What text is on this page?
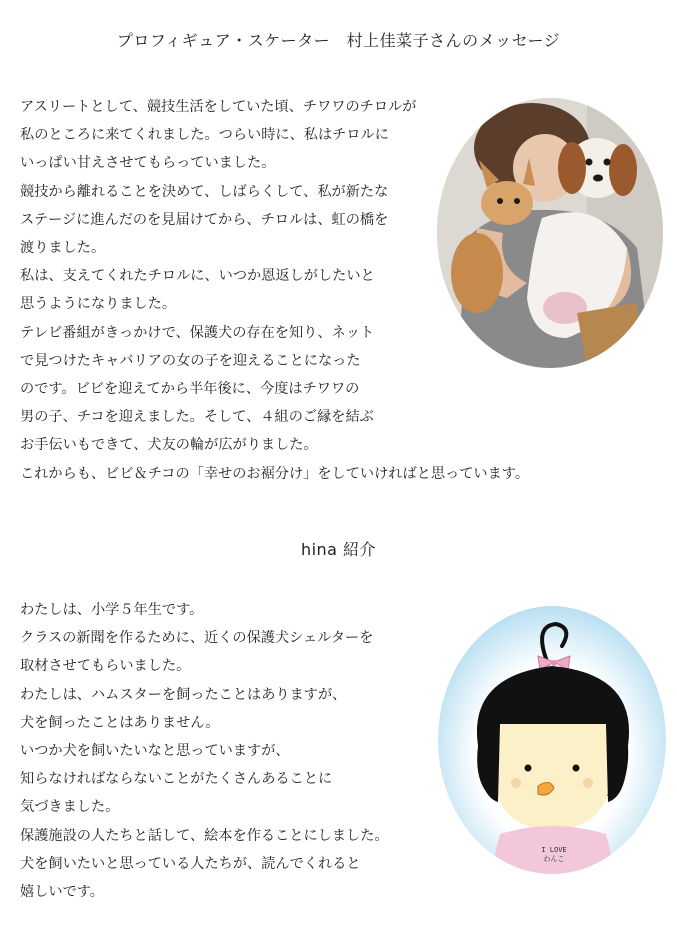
プロフィギュア・スケーター　村上佳菜子さんのメッセージ
アスリートとして、競技生活をしていた頃、チワワのチロルが
私のところに来てくれました。つらい時に、私はチロルに
いっぱい甘えさせてもらっていました。
競技から離れることを決めて、しばらくして、私が新たな
ステージに進んだのを見届けてから、チロルは、虹の橋を
渡りました。
私は、支えてくれたチロルに、いつか恩返しがしたいと
思うようになりました。
テレビ番組がきっかけで、保護犬の存在を知り、ネット
で見つけたキャバリアの女の子を迎えることになった
のです。ビビを迎えてから半年後に、今度はチワワの
男の子、チコを迎えました。そして、４組のご縁を結ぶ
お手伝いもできて、犬友の輪が広がりました。
これからも、ビビ＆チコの「幸せのお裾分け」をしていければと思っています。
hina 紹介
わたしは、小学５年生です。
クラスの新聞を作るために、近くの保護犬シェルターを
取材させてもらいました。
わたしは、ハムスターを飼ったことはありますが、
犬を飼ったことはありません。
いつか犬を飼いたいなと思っていますが、
知らなければならないことがたくさんあることに
気づきました。
保護施設の人たちと話して、絵本を作ることにしました。
犬を飼いたいと思っている人たちが、読んでくれると
嬉しいです。
I LOVE
わんこ
